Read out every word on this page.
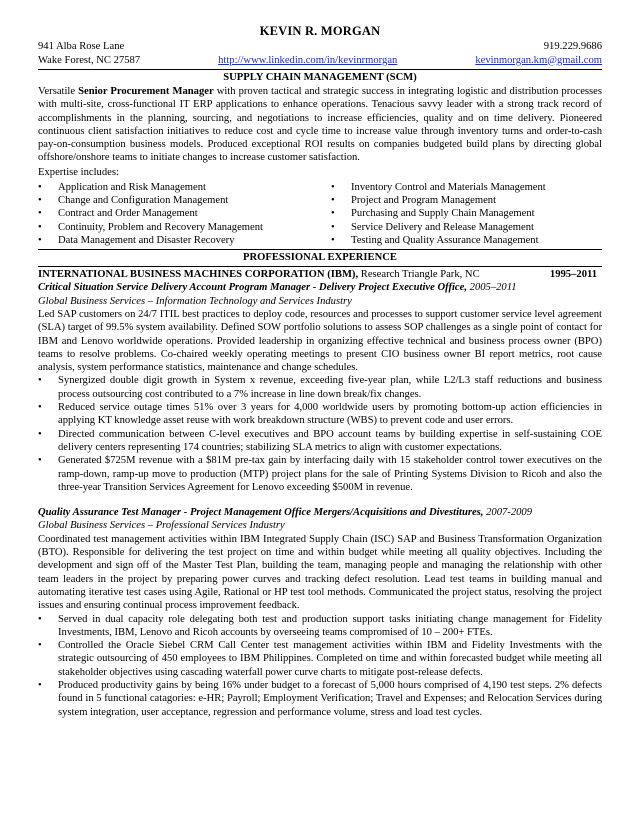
KEVIN R. MORGAN
941 Alba Rose Lane	919.229.9686
Wake Forest, NC 27587	http://www.linkedin.com/in/kevinrmorgan	kevinmorgan.km@gmail.com
SUPPLY CHAIN MANAGEMENT (SCM)

Versatile Senior Procurement Manager with proven tactical and strategic success in integrating logistic and distribution processes with multi-site, cross-functional IT ERP applications to enhance operations. Tenacious savvy leader with a strong track record of accomplishments in the planning, sourcing, and negotiations to increase efficiencies, quality and on time delivery. Pioneered continuous client satisfaction initiatives to reduce cost and cycle time to increase value through inventory turns and order-to-cash pay-on-consumption business models. Produced exceptional ROI results on companies budgeted build plans by directing global offshore/onshore teams to initiate changes to increase customer satisfaction.

Expertise includes:
• Application and Risk Management
• Change and Configuration Management
• Contract and Order Management
• Continuity, Problem and Recovery Management
• Data Management and Disaster Recovery
• Inventory Control and Materials Management
• Project and Program Management
• Purchasing and Supply Chain Management
• Service Delivery and Release Management
• Testing and Quality Assurance Management
PROFESSIONAL EXPERIENCE
INTERNATIONAL BUSINESS MACHINES CORPORATION (IBM), Research Triangle Park, NC	1995–2011
Critical Situation Service Delivery Account Program Manager - Delivery Project Executive Office, 2005–2011
Global Business Services – Information Technology and Services Industry

Led SAP customers on 24/7 ITIL best practices to deploy code, resources and processes to support customer service level agreement (SLA) target of 99.5% system availability. Defined SOW portfolio solutions to assess SOP challenges as a single point of contact for IBM and Lenovo worldwide operations. Provided leadership in organizing effective technical and business process owner (BPO) teams to resolve problems. Co-chaired weekly operating meetings to present CIO business owner BI report metrics, root cause analysis, system performance statistics, maintenance and change schedules.

• Synergized double digit growth in System x revenue, exceeding five-year plan, while L2/L3 staff reductions and business process outsourcing cost contributed to a 7% increase in line down break/fix changes.
• Reduced service outage times 51% over 3 years for 4,000 worldwide users by promoting bottom-up action efficiencies in applying KT knowledge asset reuse with work breakdown structure (WBS) to prevent code and user errors.
• Directed communication between C-level executives and BPO account teams by building expertise in self-sustaining COE delivery centers representing 174 countries; stabilizing SLA metrics to align with customer expectations.
• Generated $725M revenue with a $81M pre-tax gain by interfacing daily with 15 stakeholder control tower executives on the ramp-down, ramp-up move to production (MTP) project plans for the sale of Printing Systems Division to Ricoh and also the three-year Transition Services Agreement for Lenovo exceeding $500M in revenue.
Quality Assurance Test Manager - Project Management Office Mergers/Acquisitions and Divestitures, 2007-2009
Global Business Services – Professional Services Industry

Coordinated test management activities within IBM Integrated Supply Chain (ISC) SAP and Business Transformation Organization (BTO). Responsible for delivering the test project on time and within budget while meeting all quality objectives. Including the development and sign off of the Master Test Plan, building the team, managing people and managing the relationship with other team leaders in the project by preparing power curves and tracking defect resolution. Lead test teams in building manual and automating iterative test cases using Agile, Rational or HP test tool methods. Communicated the project status, resolving the project issues and ensuring continual process improvement feedback.

• Served in dual capacity role delegating both test and production support tasks initiating change management for Fidelity Investments, IBM, Lenovo and Ricoh accounts by overseeing teams compromised of 10 – 200+ FTEs.
• Controlled the Oracle Siebel CRM Call Center test management activities within IBM and Fidelity Investments with the strategic outsourcing of 450 employees to IBM Philippines. Completed on time and within forecasted budget while meeting all stakeholder objectives using cascading waterfall power curve charts to mitigate post-release defects.
• Produced productivity gains by being 16% under budget to a forecast of 5,000 hours comprised of 4,190 test steps. 2% defects found in 5 functional catagories: e-HR; Payroll; Employment Verification; Travel and Expenses; and Relocation Services during system integration, user acceptance, regression and performance volume, stress and load test cycles.
